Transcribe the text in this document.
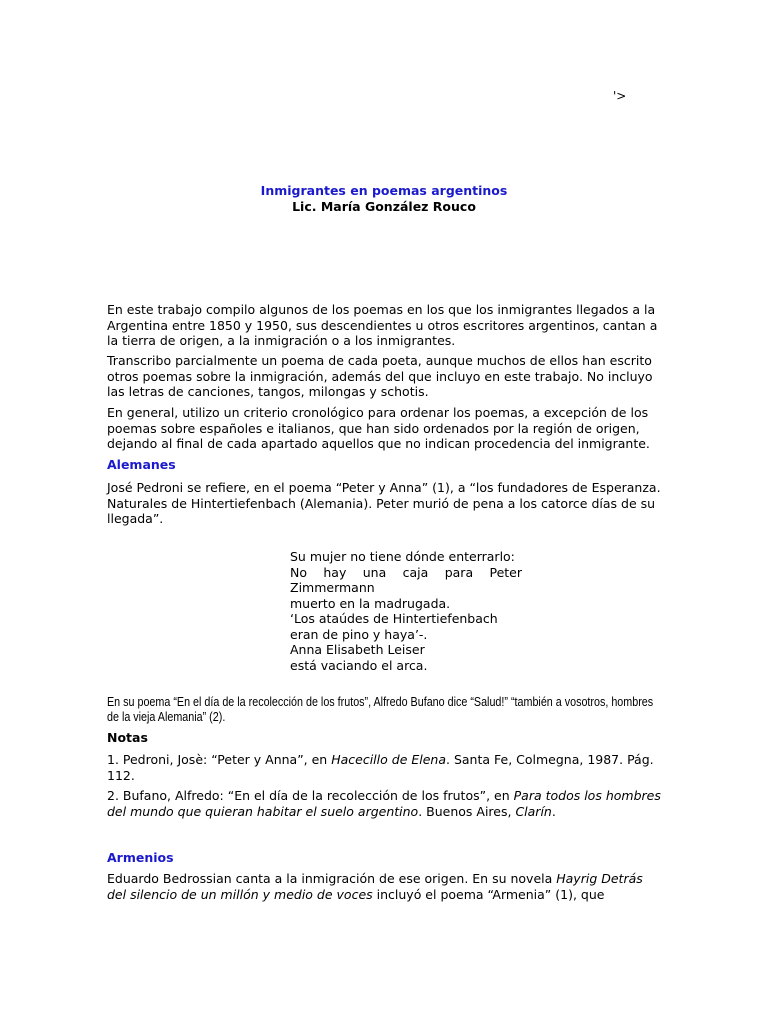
'>

Inmigrantes en poemas argentinos

Lic. María González Rouco

En este trabajo compilo algunos de los poemas en los que los inmigrantes llegados a la Argentina entre 1850 y 1950, sus descendientes u otros escritores argentinos, cantan a la tierra de origen, a la inmigración o a los inmigrantes.

Transcribo parcialmente un poema de cada poeta, aunque muchos de ellos han escrito otros poemas sobre la inmigración, además del que incluyo en este trabajo. No incluyo las letras de canciones, tangos, milongas y schotis.

En general, utilizo un criterio cronológico para ordenar los poemas, a excepción de los poemas sobre españoles e italianos, que han sido ordenados por la región de origen, dejando al final de cada apartado aquellos que no indican procedencia del inmigrante.

Alemanes

José Pedroni se refiere, en el poema “Peter y Anna” (1), a “los fundadores de Esperanza. Naturales de Hintertiefenbach (Alemania). Peter murió de pena a los catorce días de su llegada”.

Su mujer no tiene dónde enterrarlo:
No hay una caja para Peter
Zimmermann
muerto en la madrugada.
‘Los ataúdes de Hintertiefenbach
eran de pino y haya’-.
Anna Elisabeth Leiser
está vaciando el arca.

En su poema “En el día de la recolección de los frutos”, Alfredo Bufano dice “Salud!” “también a vosotros, hombres de la vieja Alemania” (2).

Notas

1. Pedroni, Josè: “Peter y Anna”, en Hacecillo de Elena. Santa Fe, Colmegna, 1987. Pág. 112.

2. Bufano, Alfredo: “En el día de la recolección de los frutos”, en Para todos los hombres del mundo que quieran habitar el suelo argentino. Buenos Aires, Clarín.

Armenios

Eduardo Bedrossian canta a la inmigración de ese origen. En su novela Hayrig Detrás del silencio de un millón y medio de voces incluyó el poema “Armenia” (1), que
